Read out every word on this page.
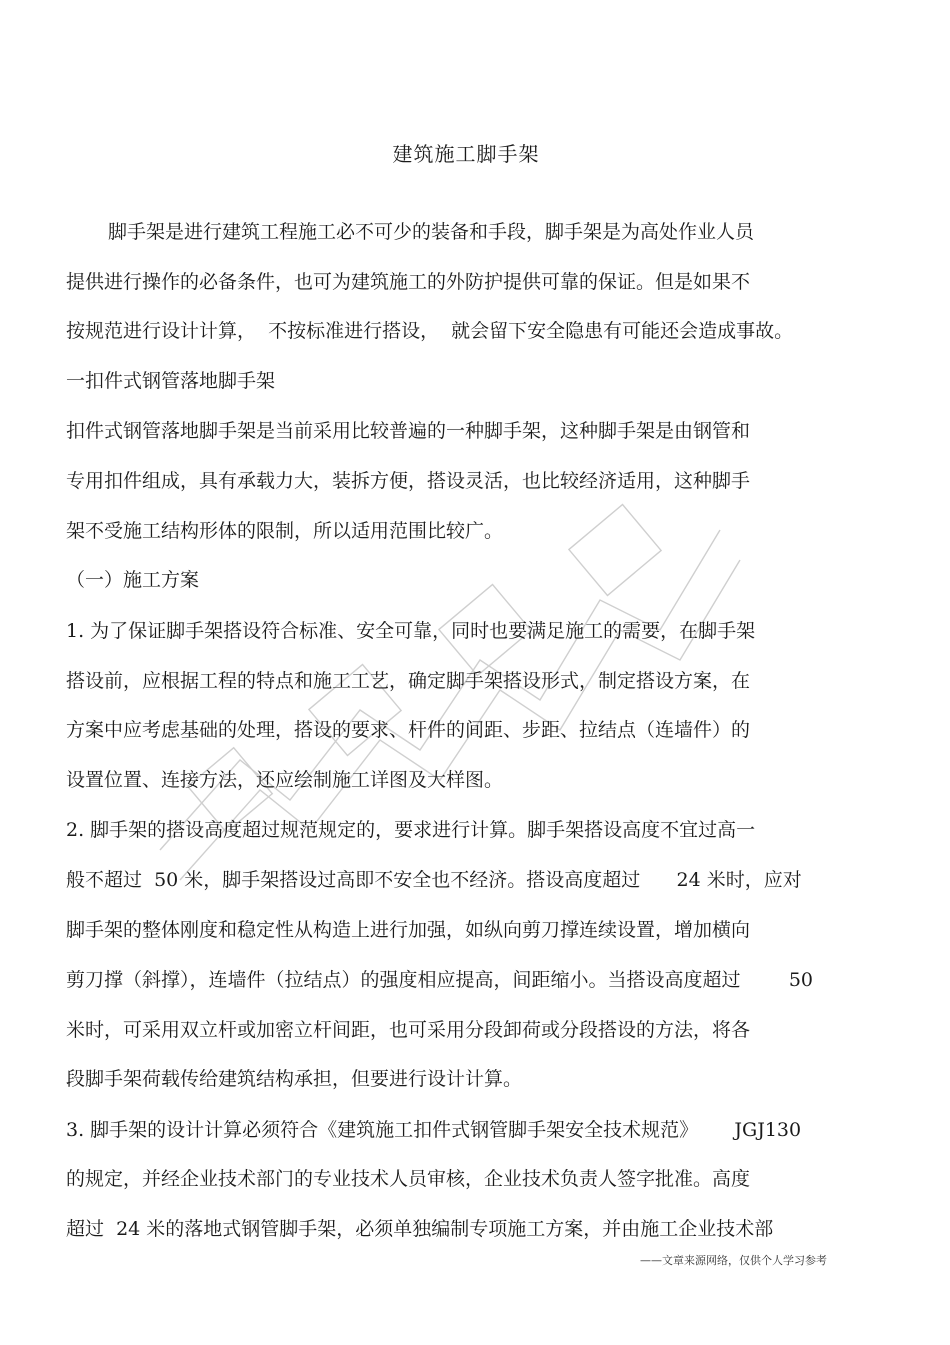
建筑施工脚手架
脚手架是进行建筑工程施工必不可少的装备和手段，脚手架是为高处作业人员
提供进行操作的必备条件，也可为建筑施工的外防护提供可靠的保证。但是如果不
按规范进行设计计算，  不按标准进行搭设，  就会留下安全隐患有可能还会造成事故。
一扣件式钢管落地脚手架
扣件式钢管落地脚手架是当前采用比较普遍的一种脚手架，这种脚手架是由钢管和
专用扣件组成，具有承载力大，装拆方便，搭设灵活，也比较经济适用，这种脚手
架不受施工结构形体的限制，所以适用范围比较广。
（一）施工方案
1. 为了保证脚手架搭设符合标准、安全可靠，同时也要满足施工的需要，在脚手架
搭设前，应根据工程的特点和施工工艺，确定脚手架搭设形式，制定搭设方案，在
方案中应考虑基础的处理，搭设的要求、杆件的间距、步距、拉结点（连墙件）的
设置位置、连接方法，还应绘制施工详图及大样图。
2. 脚手架的搭设高度超过规范规定的，要求进行计算。脚手架搭设高度不宜过高一
般不超过  50 米，脚手架搭设过高即不安全也不经济。搭设高度超过      24 米时，应对
脚手架的整体刚度和稳定性从构造上进行加强，如纵向剪刀撑连续设置，增加横向
剪刀撑（斜撑），连墙件（拉结点）的强度相应提高，间距缩小。当搭设高度超过        50
米时，可采用双立杆或加密立杆间距，也可采用分段卸荷或分段搭设的方法，将各
段脚手架荷载传给建筑结构承担，但要进行设计计算。
3. 脚手架的设计计算必须符合《建筑施工扣件式钢管脚手架安全技术规范》      JGJ130
的规定，并经企业技术部门的专业技术人员审核，企业技术负责人签字批准。高度
超过  24 米的落地式钢管脚手架，必须单独编制专项施工方案，并由施工企业技术部
——文章来源网络，仅供个人学习参考
